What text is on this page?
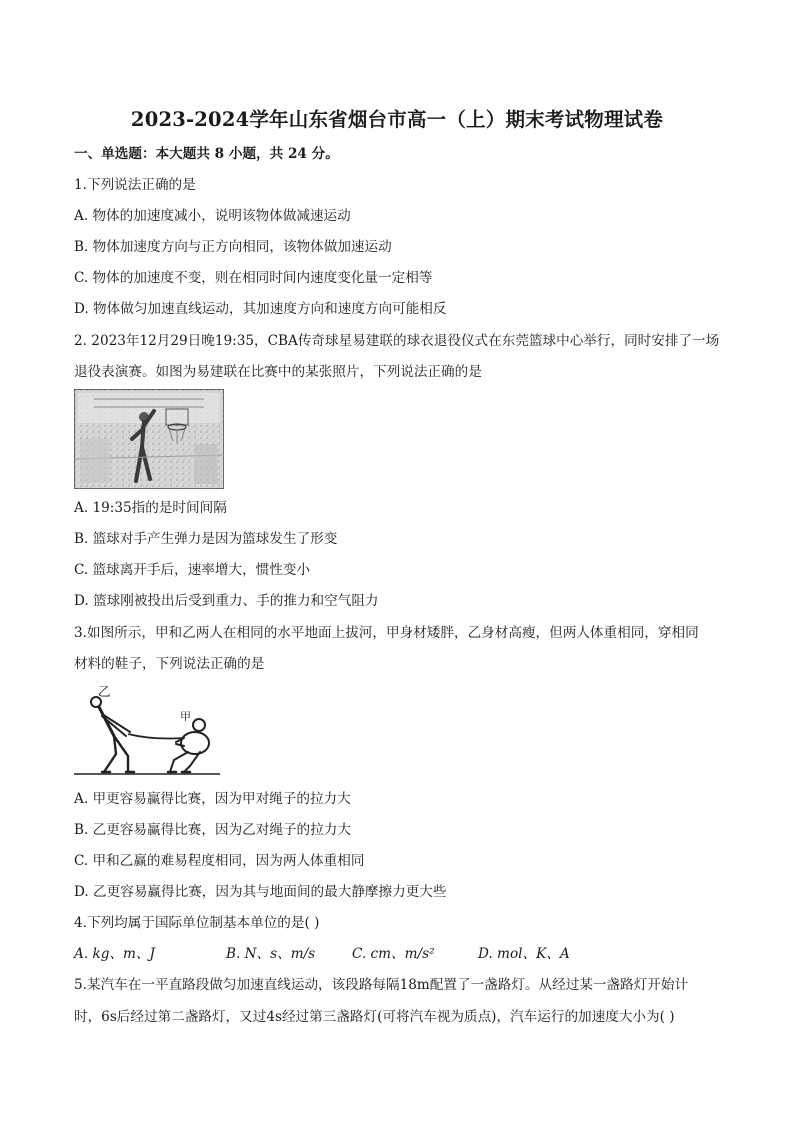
2023-2024学年山东省烟台市高一（上）期末考试物理试卷
一、单选题：本大题共 8 小题，共 24 分。
1.下列说法正确的是
A. 物体的加速度减小，说明该物体做减速运动
B. 物体加速度方向与正方向相同，该物体做加速运动
C. 物体的加速度不变，则在相同时间内速度变化量一定相等
D. 物体做匀加速直线运动，其加速度方向和速度方向可能相反
2. 2023年12月29日晚19:35，CBA传奇球星易建联的球衣退役仪式在东莞篮球中心举行，同时安排了一场
退役表演赛。如图为易建联在比赛中的某张照片，下列说法正确的是
A. 19:35指的是时间间隔
B. 篮球对手产生弹力是因为篮球发生了形变
C. 篮球离开手后，速率增大，惯性变小
D. 篮球刚被投出后受到重力、手的推力和空气阻力
3.如图所示，甲和乙两人在相同的水平地面上拔河，甲身材矮胖，乙身材高瘦，但两人体重相同，穿相同
材料的鞋子，下列说法正确的是
乙
甲
A. 甲更容易赢得比赛，因为甲对绳子的拉力大
B. 乙更容易赢得比赛，因为乙对绳子的拉力大
C. 甲和乙赢的难易程度相同，因为两人体重相同
D. 乙更容易赢得比赛，因为其与地面间的最大静摩擦力更大些
4.下列均属于国际单位制基本单位的是( )
A. kg、m、J	B. N、s、m/s	C. cm、m/s²	D. mol、K、A
5.某汽车在一平直路段做匀加速直线运动，该段路每隔18m配置了一盏路灯。从经过某一盏路灯开始计
时，6s后经过第二盏路灯，又过4s经过第三盏路灯(可将汽车视为质点)，汽车运行的加速度大小为( )
